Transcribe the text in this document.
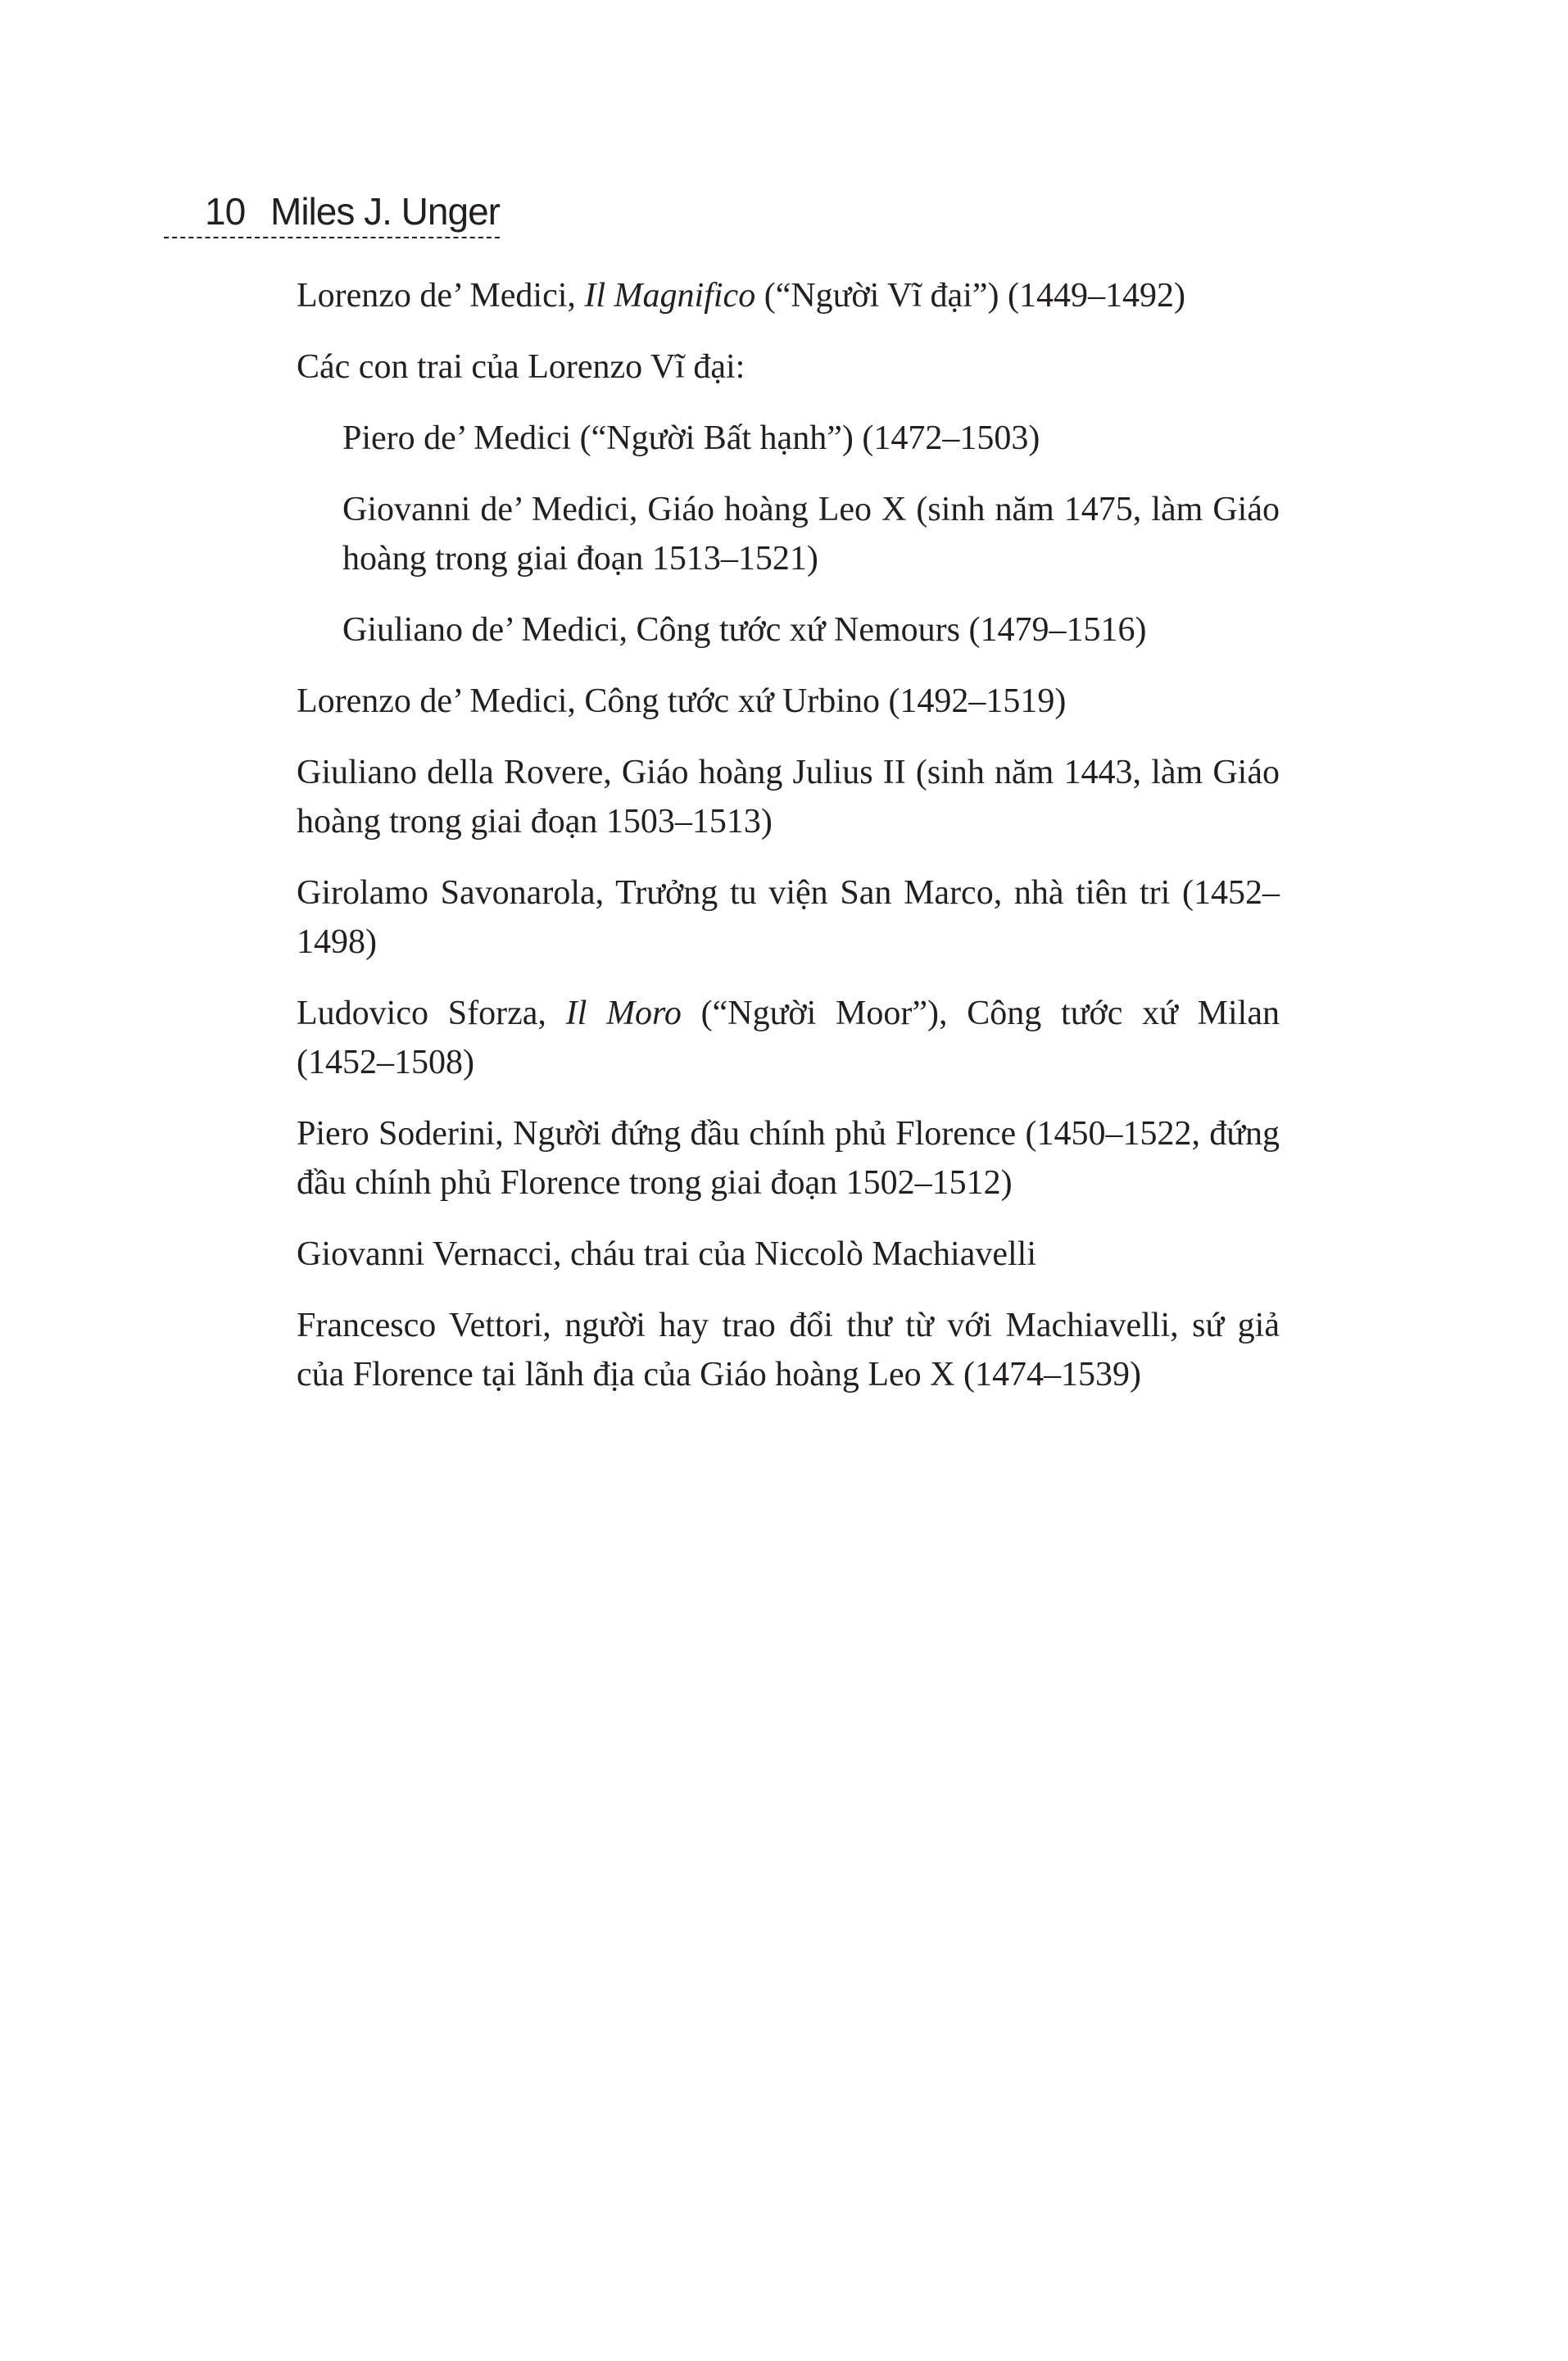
10 Miles J. Unger

Lorenzo de’ Medici, Il Magnifico (“Người Vĩ đại”) (1449–1492)

Các con trai của Lorenzo Vĩ đại:

Piero de’ Medici (“Người Bất hạnh”) (1472–1503)

Giovanni de’ Medici, Giáo hoàng Leo X (sinh năm 1475, làm Giáo hoàng trong giai đoạn 1513–1521)

Giuliano de’ Medici, Công tước xứ Nemours (1479–1516)

Lorenzo de’ Medici, Công tước xứ Urbino (1492–1519)

Giuliano della Rovere, Giáo hoàng Julius II (sinh năm 1443, làm Giáo hoàng trong giai đoạn 1503–1513)

Girolamo Savonarola, Trưởng tu viện San Marco, nhà tiên tri (1452–1498)

Ludovico Sforza, Il Moro (“Người Moor”), Công tước xứ Milan (1452–1508)

Piero Soderini, Người đứng đầu chính phủ Florence (1450–1522, đứng đầu chính phủ Florence trong giai đoạn 1502–1512)

Giovanni Vernacci, cháu trai của Niccolò Machiavelli

Francesco Vettori, người hay trao đổi thư từ với Machiavelli, sứ giả của Florence tại lãnh địa của Giáo hoàng Leo X (1474–1539)
